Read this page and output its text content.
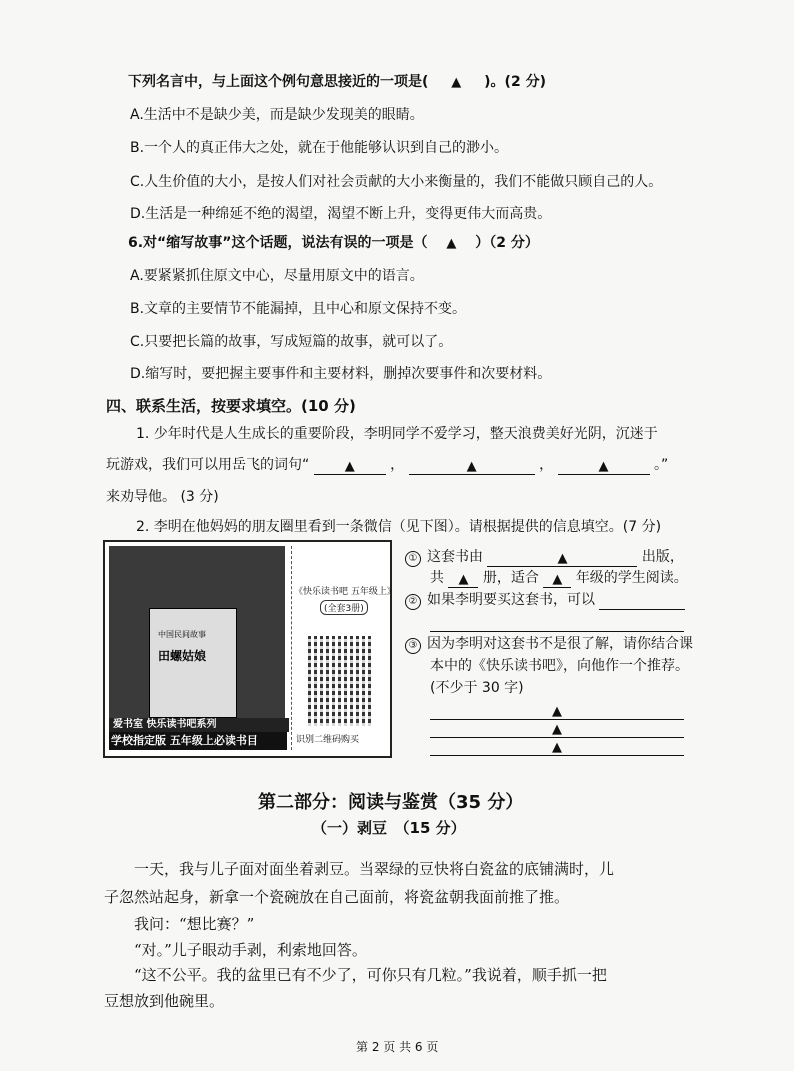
下列名言中，与上面这个例句意思接近的一项是( ▲ )。(2 分)
A.生活中不是缺少美，而是缺少发现美的眼睛。
B.一个人的真正伟大之处，就在于他能够认识到自己的渺小。
C.人生价值的大小，是按人们对社会贡献的大小来衡量的，我们不能做只顾自己的人。
D.生活是一种绵延不绝的渴望，渴望不断上升，变得更伟大而高贵。
6.对“缩写故事”这个话题，说法有误的一项是（ ▲ ）（2 分）
A.要紧紧抓住原文中心，尽量用原文中的语言。
B.文章的主要情节不能漏掉，且中心和原文保持不变。
C.只要把长篇的故事，写成短篇的故事，就可以了。
D.缩写时，要把握主要事件和主要材料，删掉次要事件和次要材料。
四、联系生活，按要求填空。(10 分)
1. 少年时代是人生成长的重要阶段，李明同学不爱学习，整天浪费美好光阴，沉迷于
玩游戏，我们可以用岳飞的词句“	▲	，	▲	，	▲	。”
来劝导他。 (3 分)
2. 李明在他妈妈的朋友圈里看到一条微信（见下图）。请根据提供的信息填空。(7 分)
中国民间故事
田螺姑娘
爱书室 快乐读书吧系列
学校指定版 五年级上必读书目
《快乐读书吧 五年级上》
(全套3册)
识别二维码购买
① 这套书由	▲	出版，
共 ▲ 册，适合 ▲ 年级的学生阅读。
② 如果李明要买这套书，可以
③ 因为李明对这套书不是很了解，请你结合课
本中的《快乐读书吧》，向他作一个推荐。
(不少于 30 字)
▲
▲
▲
第二部分：阅读与鉴赏（35 分）
（一）剥豆　（15 分）
一天，我与儿子面对面坐着剥豆。当翠绿的豆快将白瓷盆的底铺满时，儿
子忽然站起身，新拿一个瓷碗放在自己面前，将瓷盆朝我面前推了推。
我问：“想比赛？”
“对。”儿子眼动手剥，利索地回答。
“这不公平。我的盆里已有不少了，可你只有几粒。”我说着，顺手抓一把
豆想放到他碗里。
第 2 页 共 6 页
